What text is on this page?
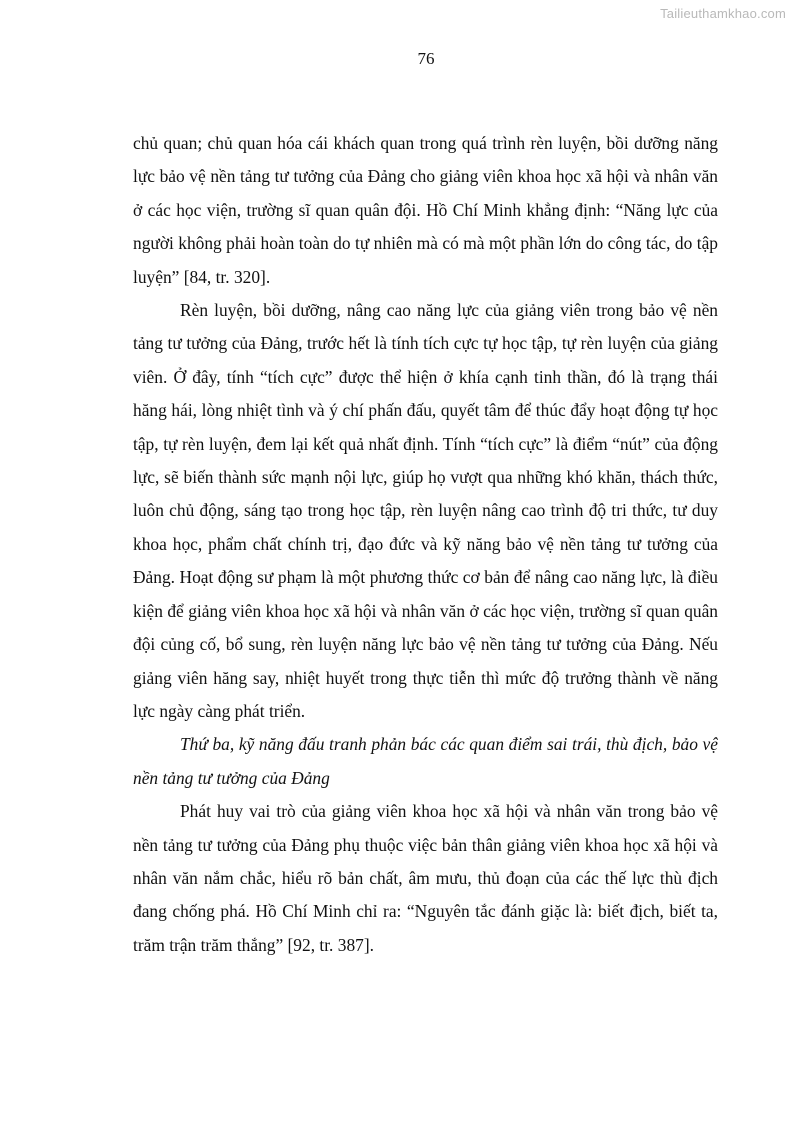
Tailieuthamkhao.com
76

chủ quan; chủ quan hóa cái khách quan trong quá trình rèn luyện, bồi dưỡng năng lực bảo vệ nền tảng tư tưởng của Đảng cho giảng viên khoa học xã hội và nhân văn ở các học viện, trường sĩ quan quân đội. Hồ Chí Minh khẳng định: “Năng lực của người không phải hoàn toàn do tự nhiên mà có mà một phần lớn do công tác, do tập luyện” [84, tr. 320].

Rèn luyện, bồi dưỡng, nâng cao năng lực của giảng viên trong bảo vệ nền tảng tư tưởng của Đảng, trước hết là tính tích cực tự học tập, tự rèn luyện của giảng viên. Ở đây, tính “tích cực” được thể hiện ở khía cạnh tinh thần, đó là trạng thái hăng hái, lòng nhiệt tình và ý chí phấn đấu, quyết tâm để thúc đẩy hoạt động tự học tập, tự rèn luyện, đem lại kết quả nhất định. Tính “tích cực” là điểm “nút” của động lực, sẽ biến thành sức mạnh nội lực, giúp họ vượt qua những khó khăn, thách thức, luôn chủ động, sáng tạo trong học tập, rèn luyện nâng cao trình độ tri thức, tư duy khoa học, phẩm chất chính trị, đạo đức và kỹ năng bảo vệ nền tảng tư tưởng của Đảng. Hoạt động sư phạm là một phương thức cơ bản để nâng cao năng lực, là điều kiện để giảng viên khoa học xã hội và nhân văn ở các học viện, trường sĩ quan quân đội củng cố, bổ sung, rèn luyện năng lực bảo vệ nền tảng tư tưởng của Đảng. Nếu giảng viên hăng say, nhiệt huyết trong thực tiễn thì mức độ trưởng thành về năng lực ngày càng phát triển.

Thứ ba, kỹ năng đấu tranh phản bác các quan điểm sai trái, thù địch, bảo vệ nền tảng tư tưởng của Đảng

Phát huy vai trò của giảng viên khoa học xã hội và nhân văn trong bảo vệ nền tảng tư tưởng của Đảng phụ thuộc việc bản thân giảng viên khoa học xã hội và nhân văn nắm chắc, hiểu rõ bản chất, âm mưu, thủ đoạn của các thế lực thù địch đang chống phá. Hồ Chí Minh chỉ ra: “Nguyên tắc đánh giặc là: biết địch, biết ta, trăm trận trăm thắng” [92, tr. 387].
